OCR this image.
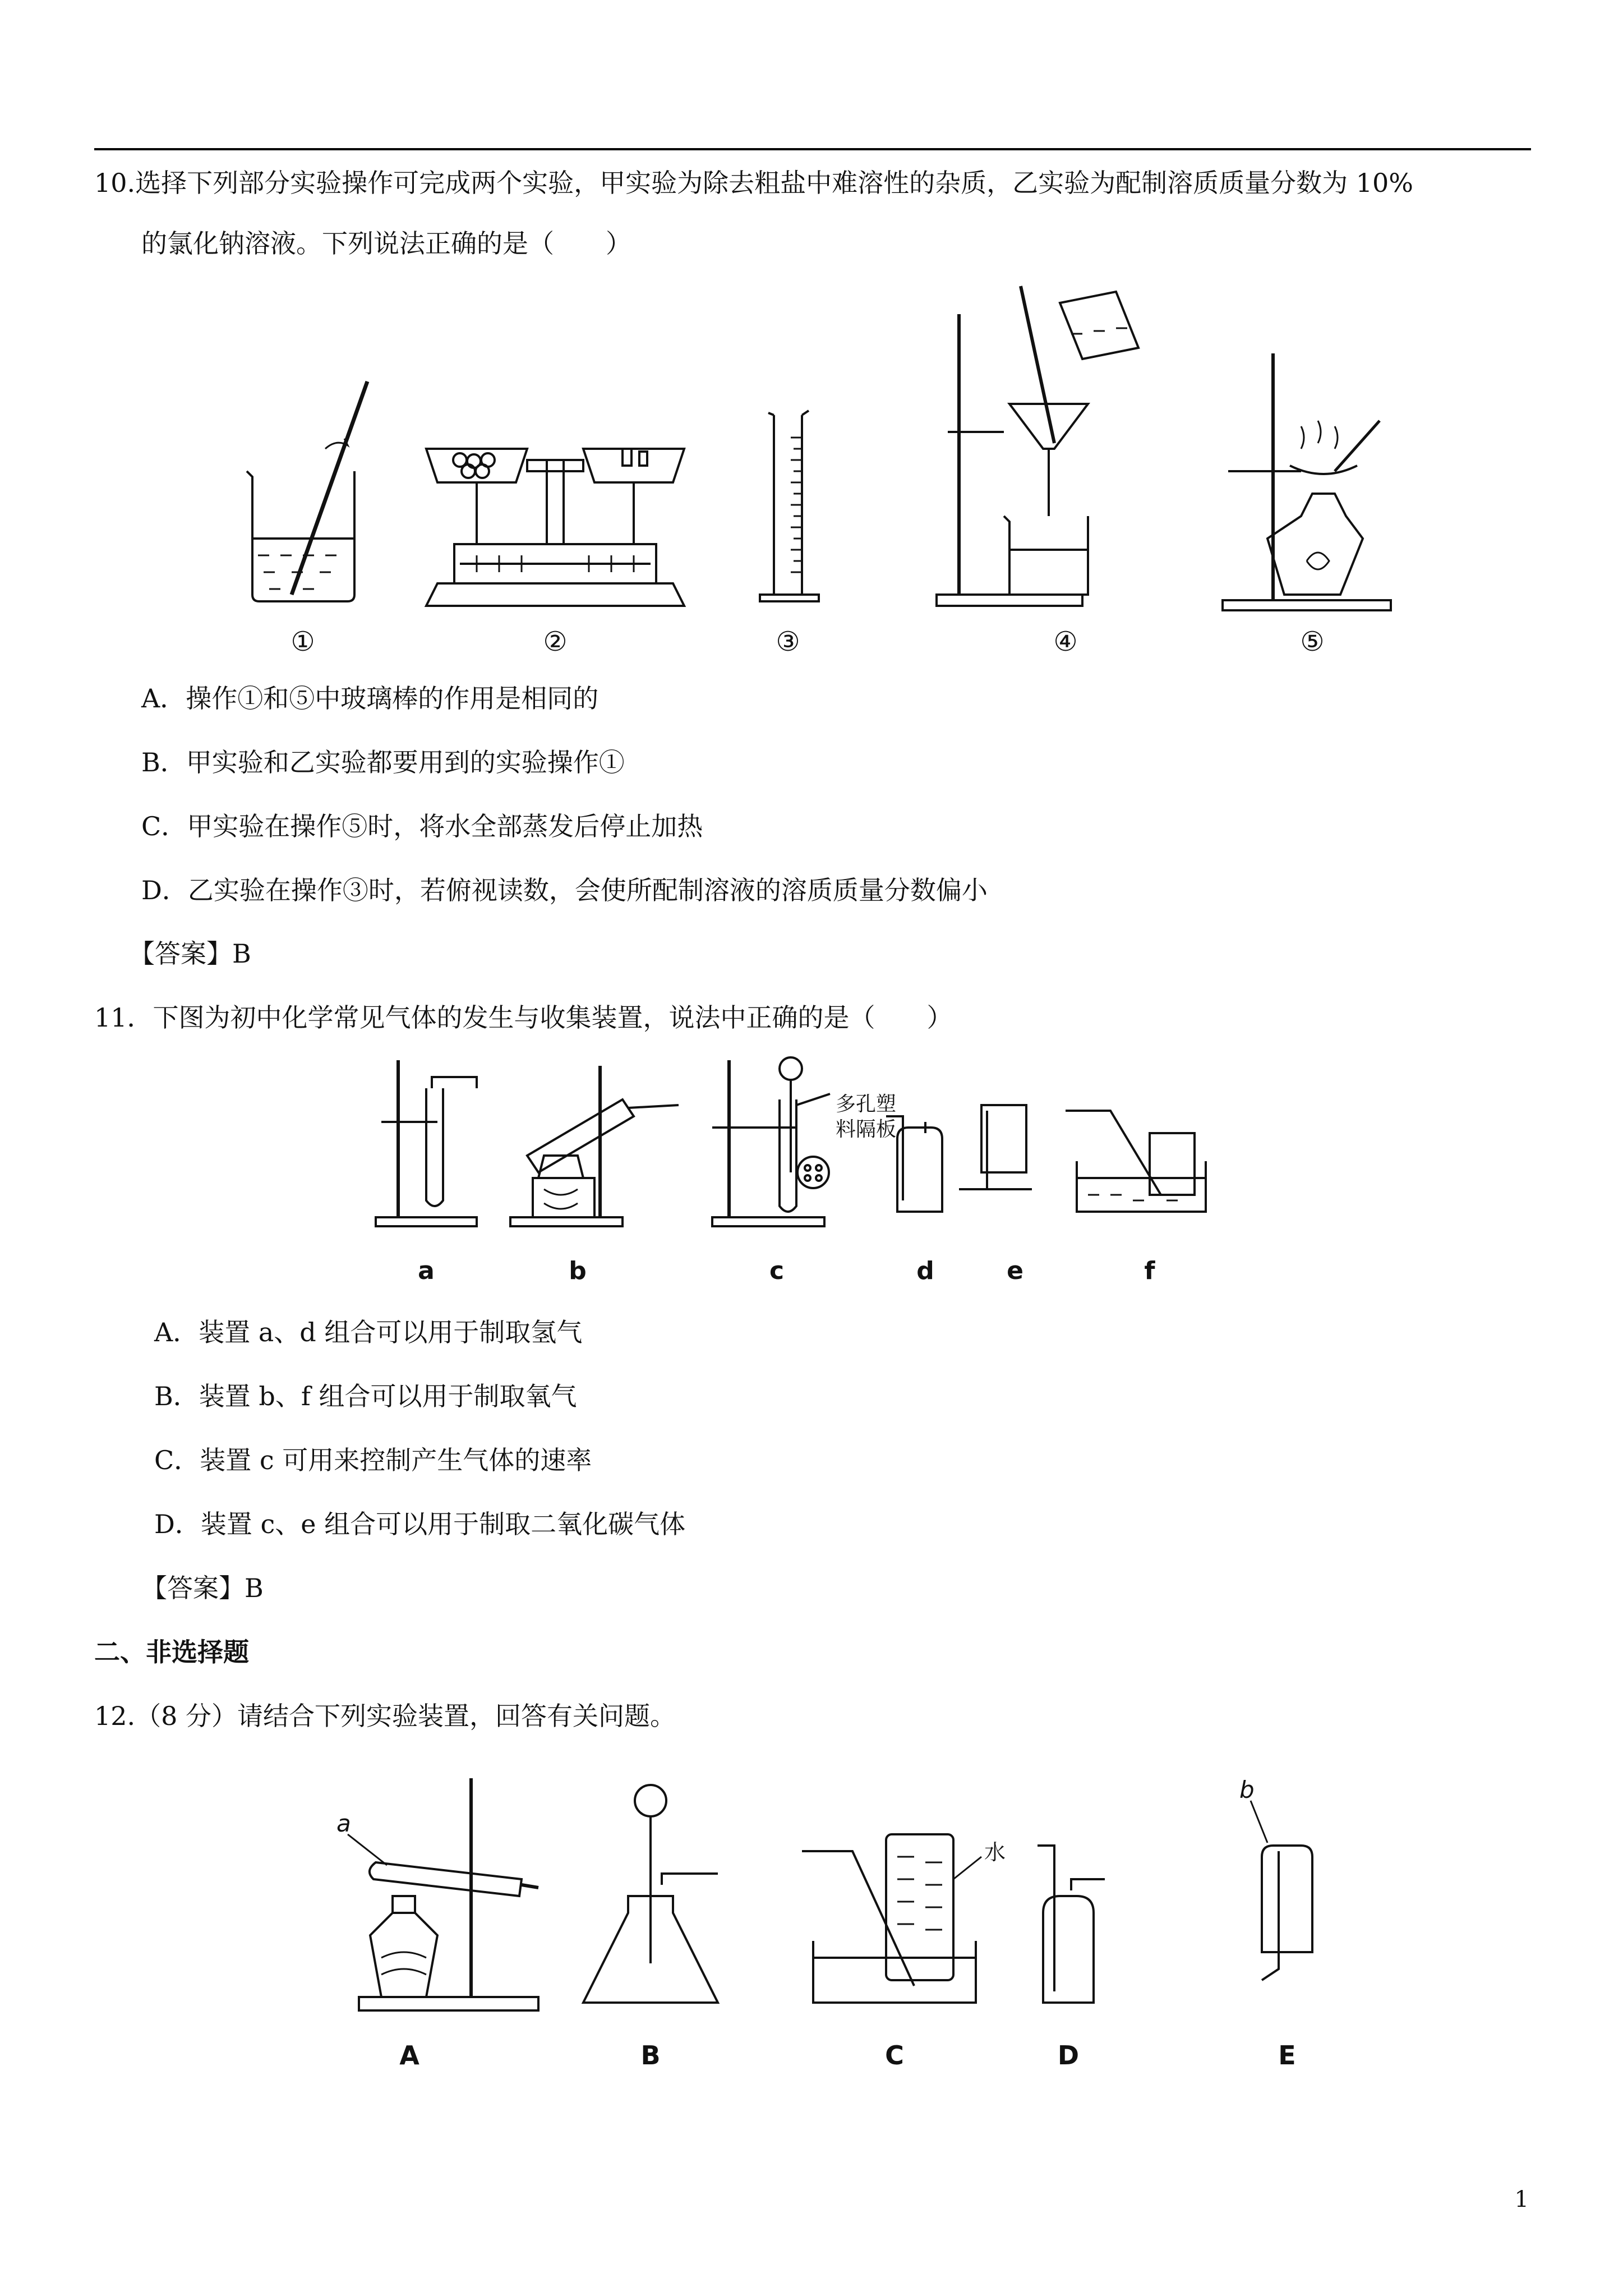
10.选择下列部分实验操作可完成两个实验，甲实验为除去粗盐中难溶性的杂质，乙实验为配制溶质质量分数为 10%
的氯化钠溶液。下列说法正确的是（　　）
①	②	③	④	⑤
A．操作①和⑤中玻璃棒的作用是相同的
B．甲实验和乙实验都要用到的实验操作①
C．甲实验在操作⑤时，将水全部蒸发后停止加热
D．乙实验在操作③时，若俯视读数，会使所配制溶液的溶质质量分数偏小
【答案】B
11．下图为初中化学常见气体的发生与收集装置，说法中正确的是（　　）
多孔塑
料隔板
a	b	c	d	e	f
A．装置 a、d 组合可以用于制取氢气
B．装置 b、f 组合可以用于制取氧气
C．装置 c 可用来控制产生气体的速率
D．装置 c、e 组合可以用于制取二氧化碳气体
【答案】B
二、非选择题
12.（8 分）请结合下列实验装置，回答有关问题。
a
水
b
A	B	C	D	E
1
